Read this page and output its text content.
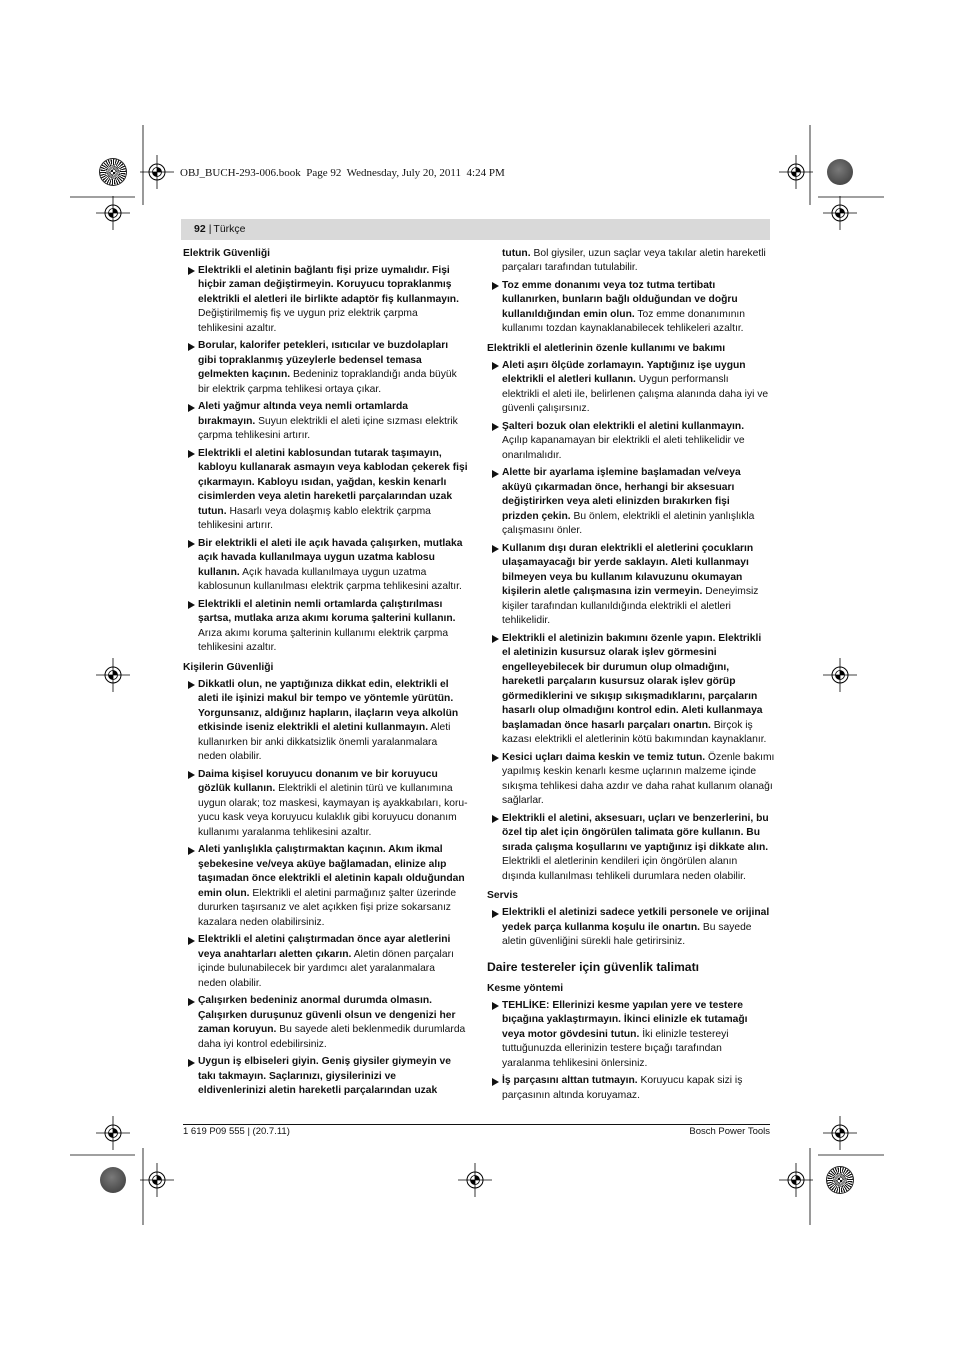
OBJ_BUCH-293-006.book  Page 92  Wednesday, July 20, 2011  4:24 PM
92 | Türkçe
Elektrik Güvenliği
Elektrikli el aletinin bağlantı fişi prize uymalıdır. Fişi
hiçbir zaman değiştirmeyin. Koruyucu topraklanmış
elektrikli el aletleri ile birlikte adaptör fiş kullanmayın.
Değiştirilmemiş fiş ve uygun priz elektrik çarpma
tehlikesini azaltır.
Borular, kalorifer petekleri, ısıtıcılar ve buzdolapları
gibi topraklanmış yüzeylerle bedensel temasa
gelmekten kaçının. Bedeniniz topraklandığı anda büyük
bir elektrik çarpma tehlikesi ortaya çıkar.
Aleti yağmur altında veya nemli ortamlarda
bırakmayın. Suyun elektrikli el aleti içine sızması elektrik
çarpma tehlikesini artırır.
Elektrikli el aletini kablosundan tutarak taşımayın,
kabloyu kullanarak asmayın veya kablodan çekerek fişi
çıkarmayın. Kabloyu ısıdan, yağdan, keskin kenarlı
cisimlerden veya aletin hareketli parçalarından uzak
tutun. Hasarlı veya dolaşmış kablo elektrik çarpma
tehlikesini artırır.
Bir elektrikli el aleti ile açık havada çalışırken, mutlaka
açık havada kullanılmaya uygun uzatma kablosu
kullanın. Açık havada kullanılmaya uygun uzatma
kablosunun kullanılması elektrik çarpma tehlikesini azaltır.
Elektrikli el aletinin nemli ortamlarda çalıştırılması
şartsa, mutlaka arıza akımı koruma şalterini kullanın.
Arıza akımı koruma şalterinin kullanımı elektrik çarpma
tehlikesini azaltır.
Kişilerin Güvenliği
Dikkatli olun, ne yaptığınıza dikkat edin, elektrikli el
aleti ile işinizi makul bir tempo ve yöntemle yürütün.
Yorgunsanız, aldığınız hapların, ilaçların veya alkolün
etkisinde iseniz elektrikli el aletini kullanmayın. Aleti
kullanırken bir anki dikkatsizlik önemli yaralanmalara
neden olabilir.
Daima kişisel koruyucu donanım ve bir koruyucu
gözlük kullanın. Elektrikli el aletinin türü ve kullanımına
uygun olarak; toz maskesi, kaymayan iş ayakkabıları, koru-
yucu kask veya koruyucu kulaklık gibi koruyucu donanım
kullanımı yaralanma tehlikesini azaltır.
Aleti yanlışlıkla çalıştırmaktan kaçının. Akım ikmal
şebekesine ve/veya aküye bağlamadan, elinize alıp
taşımadan önce elektrikli el aletinin kapalı olduğundan
emin olun. Elektrikli el aletini parmağınız şalter üzerinde
dururken taşırsanız ve alet açıkken fişi prize sokarsanız
kazalara neden olabilirsiniz.
Elektrikli el aletini çalıştırmadan önce ayar aletlerini
veya anahtarları aletten çıkarın. Aletin dönen parçaları
içinde bulunabilecek bir yardımcı alet yaralanmalara
neden olabilir.
Çalışırken bedeniniz anormal durumda olmasın.
Çalışırken duruşunuz güvenli olsun ve dengenizi her
zaman koruyun. Bu sayede aleti beklenmedik durumlarda
daha iyi kontrol edebilirsiniz.
Uygun iş elbiseleri giyin. Geniş giysiler giymeyin ve
takı takmayın. Saçlarınızı, giysilerinizi ve
eldivenlerinizi aletin hareketli parçalarından uzak
tutun. Bol giysiler, uzun saçlar veya takılar aletin hareketli
parçaları tarafından tutulabilir.
Toz emme donanımı veya toz tutma tertibatı
kullanırken, bunların bağlı olduğundan ve doğru
kullanıldığından emin olun. Toz emme donanımının
kullanımı tozdan kaynaklanabilecek tehlikeleri azaltır.
Elektrikli el aletlerinin özenle kullanımı ve bakımı
Aleti aşırı ölçüde zorlamayın. Yaptığınız işe uygun
elektrikli el aletleri kullanın. Uygun performanslı
elektrikli el aleti ile, belirlenen çalışma alanında daha iyi ve
güvenli çalışırsınız.
Şalteri bozuk olan elektrikli el aletini kullanmayın.
Açılıp kapanamayan bir elektrikli el aleti tehlikelidir ve
onarılmalıdır.
Alette bir ayarlama işlemine başlamadan ve/veya
aküyü çıkarmadan önce, herhangi bir aksesuarı
değiştirirken veya aleti elinizden bırakırken fişi
prizden çekin. Bu önlem, elektrikli el aletinin yanlışlıkla
çalışmasını önler.
Kullanım dışı duran elektrikli el aletlerini çocukların
ulaşamayacağı bir yerde saklayın. Aleti kullanmayı
bilmeyen veya bu kullanım kılavuzunu okumayan
kişilerin aletle çalışmasına izin vermeyin. Deneyimsiz
kişiler tarafından kullanıldığında elektrikli el aletleri
tehlikelidir.
Elektrikli el aletinizin bakımını özenle yapın. Elektrikli
el aletinizin kusursuz olarak işlev görmesini
engelleyebilecek bir durumun olup olmadığını,
hareketli parçaların kusursuz olarak işlev görüp
görmediklerini ve sıkışıp sıkışmadıklarını, parçaların
hasarlı olup olmadığını kontrol edin. Aleti kullanmaya
başlamadan önce hasarlı parçaları onartın. Birçok iş
kazası elektrikli el aletlerinin kötü bakımından kaynaklanır.
Kesici uçları daima keskin ve temiz tutun. Özenle bakımı
yapılmış keskin kenarlı kesme uçlarının malzeme içinde
sıkışma tehlikesi daha azdır ve daha rahat kullanım olanağı
sağlarlar.
Elektrikli el aletini, aksesuarı, uçları ve benzerlerini, bu
özel tip alet için öngörülen talimata göre kullanın. Bu
sırada çalışma koşullarını ve yaptığınız işi dikkate alın.
Elektrikli el aletlerinin kendileri için öngörülen alanın
dışında kullanılması tehlikeli durumlara neden olabilir.
Servis
Elektrikli el aletinizi sadece yetkili personele ve orijinal
yedek parça kullanma koşulu ile onartın. Bu sayede
aletin güvenliğini sürekli hale getirirsiniz.
Daire testereler için güvenlik talimatı
Kesme yöntemi
TEHLİKE: Ellerinizi kesme yapılan yere ve testere
bıçağına yaklaştırmayın. İkinci elinizle ek tutamağı
veya motor gövdesini tutun. İki elinizle testereyi
tuttuğunuzda ellerinizin testere bıçağı tarafından
yaralanma tehlikesini önlersiniz.
İş parçasını alttan tutmayın. Koruyucu kapak sizi iş
parçasının altında koruyamaz.
1 619 P09 555 | (20.7.11)	Bosch Power Tools
